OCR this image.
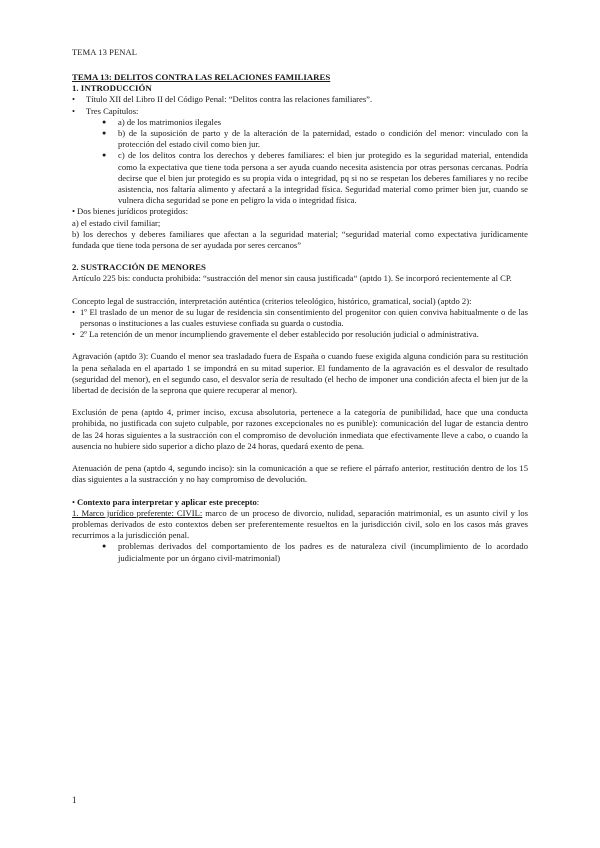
TEMA 13 PENAL

TEMA 13: DELITOS CONTRA LAS RELACIONES FAMILIARES

1. INTRODUCCIÓN

•	Título XII del Libro II del Código Penal: “Delitos contra las relaciones familiares”.
•	Tres Capítulos:
● a) de los matrimonios ilegales
● b) de la suposición de parto y de la alteración de la paternidad, estado o condición del menor: vinculado con la protección del estado civil como bien jur.
● c) de los delitos contra los derechos y deberes familiares: el bien jur protegido es la seguridad material, entendida como la expectativa que tiene toda persona a ser ayuda cuando necesita asistencia por otras personas cercanas. Podría decirse que el bien jur protegido es su propia vida o integridad, pq si no se respetan los deberes familiares y no recibe asistencia, nos faltaría alimento y afectará a la integridad física. Seguridad material como primer bien jur, cuando se vulnera dicha seguridad se pone en peligro la vida o integridad física.
• Dos bienes jurídicos protegidos:

a) el estado civil familiar;

b) los derechos y deberes familiares que afectan a la seguridad material; “seguridad material como expectativa jurídicamente fundada que tiene toda persona de ser ayudada por seres cercanos”

2. SUSTRACCIÓN DE MENORES

Artículo 225 bis: conducta prohibida: “sustracción del menor sin causa justificada“ (aptdo 1). Se incorporó recientemente al CP.

Concepto legal de sustracción, interpretación auténtica (criterios teleológico, histórico, gramatical, social) (aptdo 2):

• 1º El traslado de un menor de su lugar de residencia sin consentimiento del progenitor con quien conviva habitualmente o de las personas o instituciones a las cuales estuviese confiada su guarda o custodia.
• 2º La retención de un menor incumpliendo gravemente el deber establecido por resolución judicial o administrativa.

Agravación (aptdo 3): Cuando el menor sea trasladado fuera de España o cuando fuese exigida alguna condición para su restitución la pena señalada en el apartado 1 se impondrá en su mitad superior. El fundamento de la agravación es el desvalor de resultado (seguridad del menor), en el segundo caso, el desvalor sería de resultado (el hecho de imponer una condición afecta el bien jur de la libertad de decisión de la seprona que quiere recuperar al menor).

Exclusión de pena (aptdo 4, primer inciso, excusa absolutoria, pertenece a la categoría de punibilidad, hace que una conducta prohibida, no justificada con sujeto culpable, por razones excepcionales no es punible): comunicación del lugar de estancia dentro de las 24 horas siguientes a la sustracción con el compromiso de devolución inmediata que efectivamente lleve a cabo, o cuando la ausencia no hubiere sido superior a dicho plazo de 24 horas, quedará exento de pena.

Atenuación de pena (aptdo 4, segundo inciso): sin la comunicación a que se refiere el párrafo anterior, restitución dentro de los 15 días siguientes a la sustracción y no hay compromiso de devolución.

• Contexto para interpretar y aplicar este precepto:

1. Marco jurídico preferente: CIVIL: marco de un proceso de divorcio, nulidad, separación matrimonial, es un asunto civil y los problemas derivados de esto contextos deben ser preferentemente resueltos en la jurisdicción civil, solo en los casos más graves recurrimos a la jurisdicción penal.

● problemas derivados del comportamiento de los padres es de naturaleza civil (incumplimiento de lo acordado judicialmente por un órgano civil-matrimonial)
1
